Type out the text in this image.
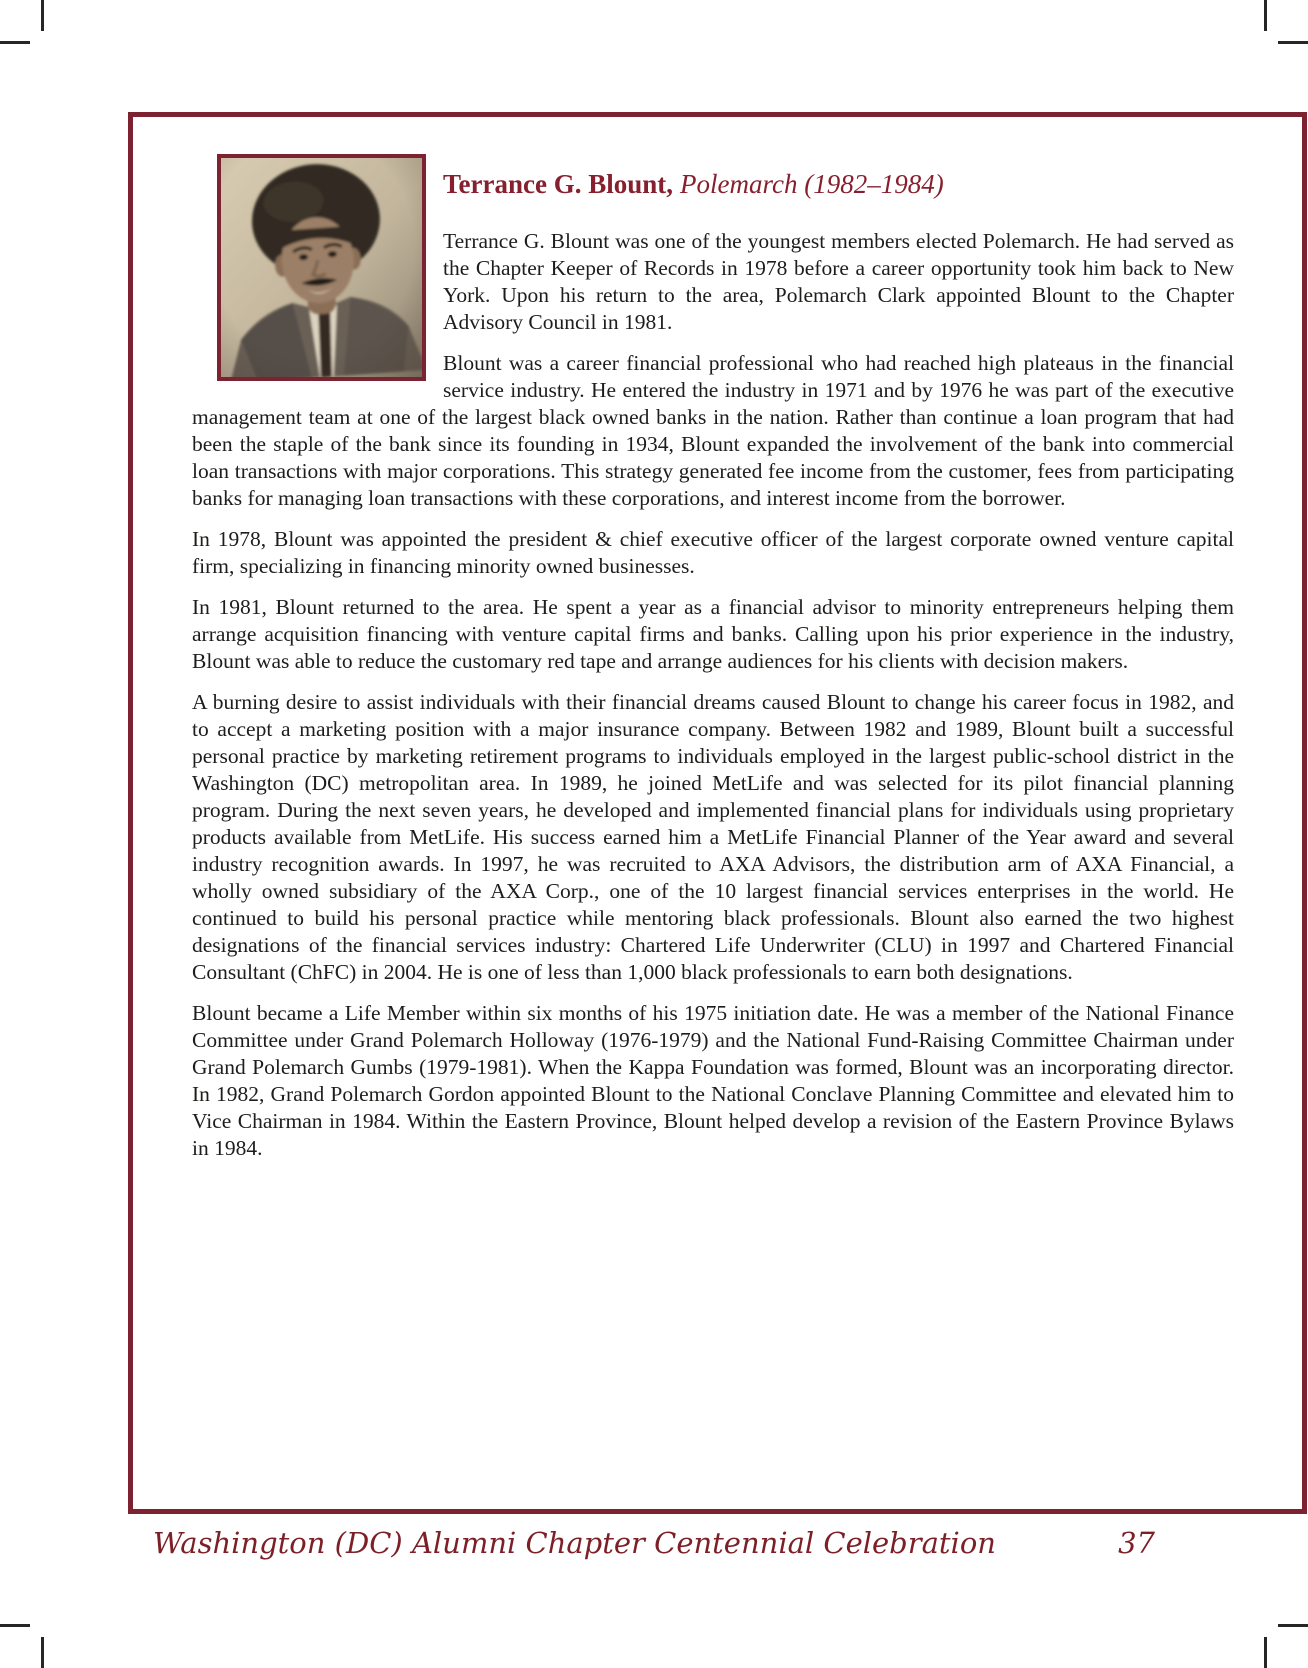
Terrance G. Blount, Polemarch (1982–1984)

Terrance G. Blount was one of the youngest members elected Polemarch. He had served as the Chapter Keeper of Records in 1978 before a career opportunity took him back to New York. Upon his return to the area, Polemarch Clark appointed Blount to the Chapter Advisory Council in 1981.

Blount was a career financial professional who had reached high plateaus in the financial service industry. He entered the industry in 1971 and by 1976 he was part of the executive management team at one of the largest black owned banks in the nation. Rather than continue a loan program that had been the staple of the bank since its founding in 1934, Blount expanded the involvement of the bank into commercial loan transactions with major corporations. This strategy generated fee income from the customer, fees from participating banks for managing loan transactions with these corporations, and interest income from the borrower.

In 1978, Blount was appointed the president & chief executive officer of the largest corporate owned venture capital firm, specializing in financing minority owned businesses.

In 1981, Blount returned to the area. He spent a year as a financial advisor to minority entrepreneurs helping them arrange acquisition financing with venture capital firms and banks. Calling upon his prior experience in the industry, Blount was able to reduce the customary red tape and arrange audiences for his clients with decision makers.

A burning desire to assist individuals with their financial dreams caused Blount to change his career focus in 1982, and to accept a marketing position with a major insurance company. Between 1982 and 1989, Blount built a successful personal practice by marketing retirement programs to individuals employed in the largest public-school district in the Washington (DC) metropolitan area. In 1989, he joined MetLife and was selected for its pilot financial planning program. During the next seven years, he developed and implemented financial plans for individuals using proprietary products available from MetLife. His success earned him a MetLife Financial Planner of the Year award and several industry recognition awards. In 1997, he was recruited to AXA Advisors, the distribution arm of AXA Financial, a wholly owned subsidiary of the AXA Corp., one of the 10 largest financial services enterprises in the world. He continued to build his personal practice while mentoring black professionals. Blount also earned the two highest designations of the financial services industry: Chartered Life Underwriter (CLU) in 1997 and Chartered Financial Consultant (ChFC) in 2004. He is one of less than 1,000 black professionals to earn both designations.

Blount became a Life Member within six months of his 1975 initiation date. He was a member of the National Finance Committee under Grand Polemarch Holloway (1976-1979) and the National Fund-Raising Committee Chairman under Grand Polemarch Gumbs (1979-1981). When the Kappa Foundation was formed, Blount was an incorporating director. In 1982, Grand Polemarch Gordon appointed Blount to the National Conclave Planning Committee and elevated him to Vice Chairman in 1984. Within the Eastern Province, Blount helped develop a revision of the Eastern Province Bylaws in 1984.

Washington (DC) Alumni Chapter Centennial Celebration	37
